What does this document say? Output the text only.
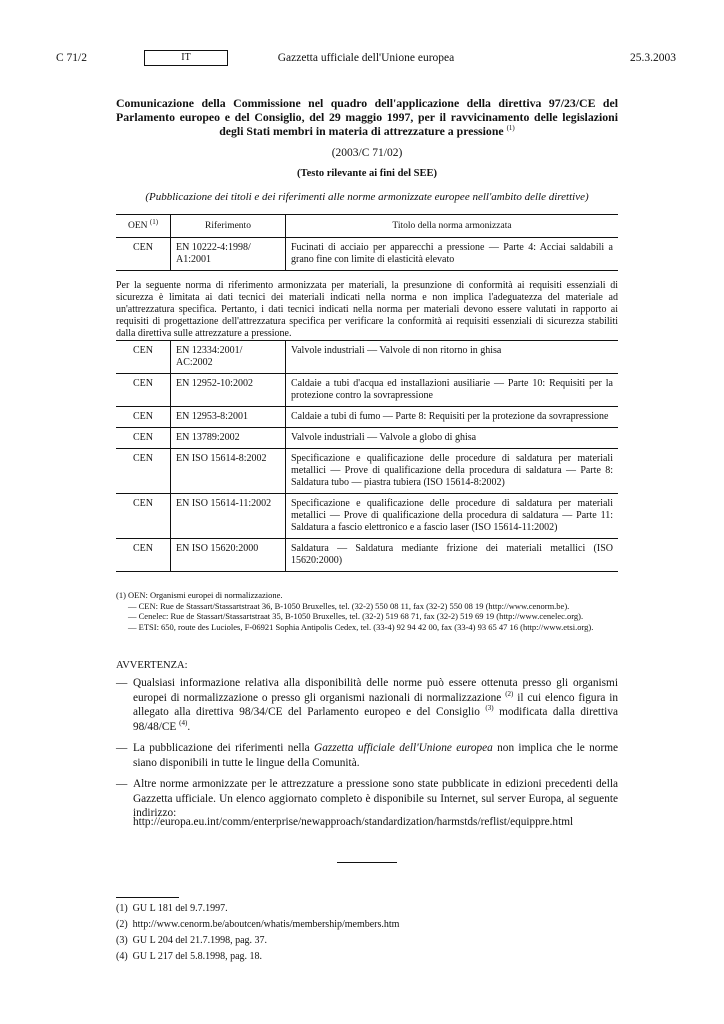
C 71/2	Gazzetta ufficiale dell'Unione europea
IT	25.3.2003
Comunicazione della Commissione nel quadro dell'applicazione della direttiva 97/23/CE del Parlamento europeo e del Consiglio, del 29 maggio 1997, per il ravvicinamento delle legislazioni degli Stati membri in materia di attrezzature a pressione $^{(1)}$
(2003/C 71/02)
(Testo rilevante ai fini del SEE)
(Pubblicazione dei titoli e dei riferimenti alle norme armonizzate europee nell'ambito delle direttive)
OEN $^{(1)}$	Riferimento	Titolo della norma armonizzata
CEN	EN 10222-4:1998/ A1:2001	Fucinati di acciaio per apparecchi a pressione — Parte 4: Acciai saldabili a grano fine con limite di elasticità elevato
Per la seguente norma di riferimento armonizzata per materiali, la presunzione di conformità ai requisiti essenziali di sicurezza è limitata ai dati tecnici dei materiali indicati nella norma e non implica l'adeguatezza del materiale ad un'attrezzatura specifica. Pertanto, i dati tecnici indicati nella norma per materiali devono essere valutati in rapporto ai requisiti di progettazione dell'attrezzatura specifica per verificare la conformità ai requisiti essenziali di sicurezza stabiliti dalla direttiva sulle attrezzature a pressione.
CEN	EN 12334:2001/ AC:2002	Valvole industriali — Valvole di non ritorno in ghisa
CEN	EN 12952-10:2002	Caldaie a tubi d'acqua ed installazioni ausiliarie — Parte 10: Requisiti per la protezione contro la sovrapressione
CEN	EN 12953-8:2001	Caldaie a tubi di fumo — Parte 8: Requisiti per la protezione da sovrapressione
CEN	EN 13789:2002	Valvole industriali — Valvole a globo di ghisa
CEN	EN ISO 15614-8:2002	Specificazione e qualificazione delle procedure di saldatura per materiali metallici — Prove di qualificazione della procedura di saldatura — Parte 8: Saldatura tubo — piastra tubiera (ISO 15614-8:2002)
CEN	EN ISO 15614-11:2002	Specificazione e qualificazione delle procedure di saldatura per materiali metallici — Prove di qualificazione della procedura di saldatura — Parte 11: Saldatura a fascio elettronico e a fascio laser (ISO 15614-11:2002)
CEN	EN ISO 15620:2000	Saldatura — Saldatura mediante frizione dei materiali metallici (ISO 15620:2000)
(1) OEN: Organismi europei di normalizzazione.
— CEN: Rue de Stassart/Stassartstraat 36, B-1050 Bruxelles, tel. (32-2) 550 08 11, fax (32-2) 550 08 19 (http://www.cenorm.be).
— Cenelec: Rue de Stassart/Stassartstraat 35, B-1050 Bruxelles, tel. (32-2) 519 68 71, fax (32-2) 519 69 19 (http://www.cenelec.org).
— ETSI: 650, route des Lucioles, F-06921 Sophia Antipolis Cedex, tel. (33-4) 92 94 42 00, fax (33-4) 93 65 47 16 (http://www.etsi.org).
AVVERTENZA:
— Qualsiasi informazione relativa alla disponibilità delle norme può essere ottenuta presso gli organismi europei di normalizzazione o presso gli organismi nazionali di normalizzazione $^{(2)}$ il cui elenco figura in allegato alla direttiva 98/34/CE del Parlamento europeo e del Consiglio $^{(3)}$ modificata dalla direttiva 98/48/CE $^{(4)}$.
— La pubblicazione dei riferimenti nella Gazzetta ufficiale dell'Unione europea non implica che le norme siano disponibili in tutte le lingue della Comunità.
— Altre norme armonizzate per le attrezzature a pressione sono state pubblicate in edizioni precedenti della Gazzetta ufficiale. Un elenco aggiornato completo è disponibile su Internet, sul server Europa, al seguente indirizzo:
http://europa.eu.int/comm/enterprise/newapproach/standardization/harmstds/reflist/equippre.html
(1) GU L 181 del 9.7.1997.
(2) http://www.cenorm.be/aboutcen/whatis/membership/members.htm
(3) GU L 204 del 21.7.1998, pag. 37.
(4) GU L 217 del 5.8.1998, pag. 18.
